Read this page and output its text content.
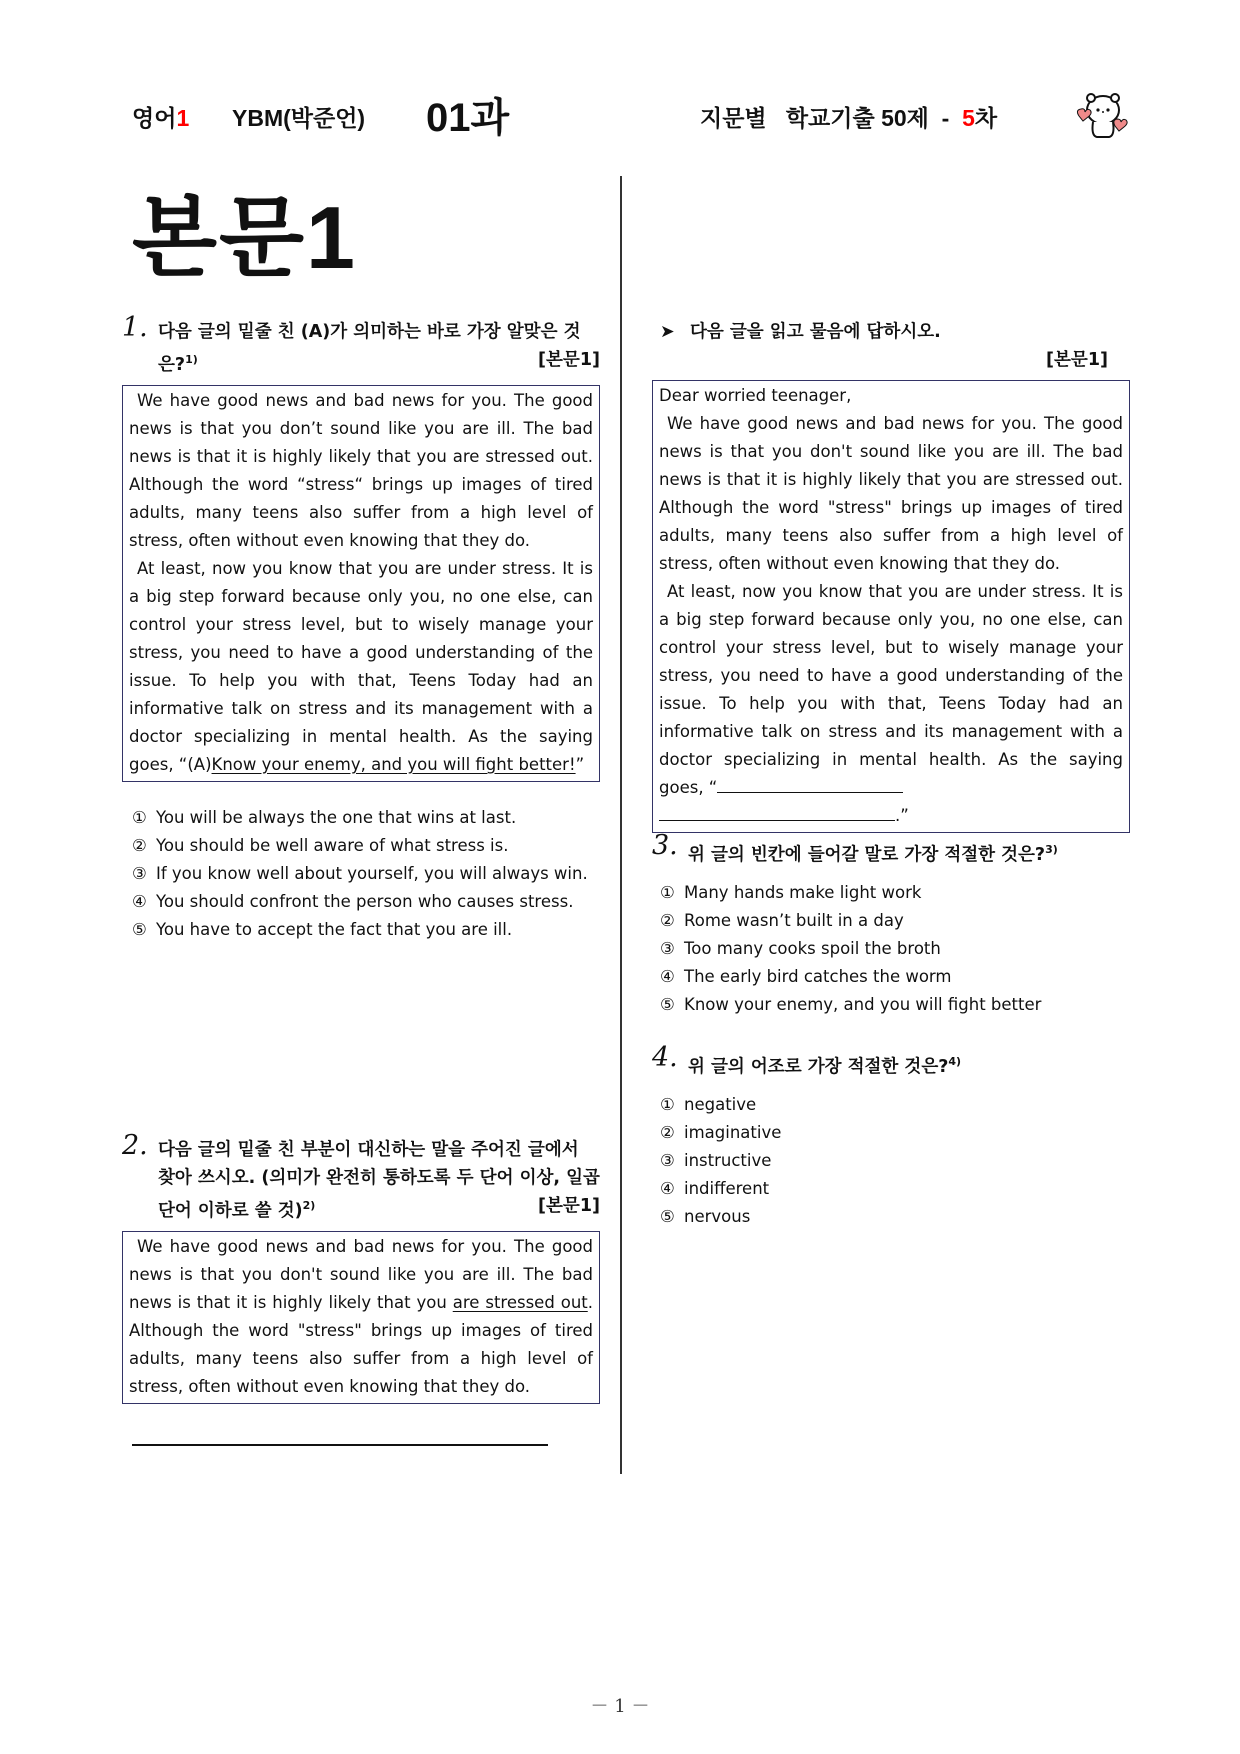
영어1 YBM(박준언) 01과	지문별   학교기출 50제  -  5차
본문1
1. 다음 글의 밑줄 친 (A)가 의미하는 바로 가장 알맞은 것은?$^{1)}$	[본문1]

We have good news and bad news for you. The good news is that you don’t sound like you are ill. The bad news is that it is highly likely that you are stressed out. Although the word “stress“ brings up images of tired adults, many teens also suffer from a high level of stress, often without even knowing that they do.

At least, now you know that you are under stress. It is a big step forward because only you, no one else, can control your stress level, but to wisely manage your stress, you need to have a good understanding of the issue. To help you with that, Teens Today had an informative talk on stress and its management with a doctor specializing in mental health. As the saying goes, “(A)Know your enemy, and you will fight better!”

① You will be always the one that wins at last.
② You should be well aware of what stress is.
③ If you know well about yourself, you will always win.
④ You should confront the person who causes stress.
⑤ You have to accept the fact that you are ill.
2. 다음 글의 밑줄 친 부분이 대신하는 말을 주어진 글에서 찾아 쓰시오. (의미가 완전히 통하도록 두 단어 이상, 일곱 단어 이하로 쓸 것)$^{2)}$	[본문1]

We have good news and bad news for you. The good news is that you don't sound like you are ill. The bad news is that it is highly likely that you are stressed out. Although the word "stress" brings up images of tired adults, many teens also suffer from a high level of stress, often without even knowing that they do.

➤ 다음 글을 읽고 물음에 답하시오.
[본문1]

Dear worried teenager,

We have good news and bad news for you. The good news is that you don't sound like you are ill. The bad news is that it is highly likely that you are stressed out. Although the word "stress" brings up images of tired adults, many teens also suffer from a high level of stress, often without even knowing that they do.

At least, now you know that you are under stress. It is a big step forward because only you, no one else, can control your stress level, but to wisely manage your stress, you need to have a good understanding of the issue. To help you with that, Teens Today had an informative talk on stress and its management with a doctor specializing in mental health. As the saying goes, “
.”

3. 위 글의 빈칸에 들어갈 말로 가장 적절한 것은?$^{3)}$
① Many hands make light work
② Rome wasn’t built in a day
③ Too many cooks spoil the broth
④ The early bird catches the worm
⑤ Know your enemy, and you will fight better
4. 위 글의 어조로 가장 적절한 것은?$^{4)}$
① negative
② imaginative
③ instructive
④ indifferent
⑤ nervous
－ 1 －
